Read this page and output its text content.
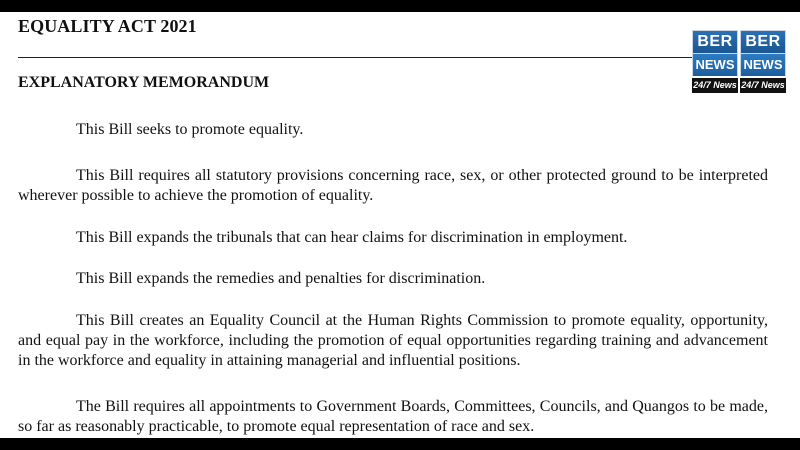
EQUALITY ACT 2021
EXPLANATORY MEMORANDUM

This Bill seeks to promote equality.

This Bill requires all statutory provisions concerning race, sex, or other protected ground to be interpreted wherever possible to achieve the promotion of equality.

This Bill expands the tribunals that can hear claims for discrimination in employment.

This Bill expands the remedies and penalties for discrimination.

This Bill creates an Equality Council at the Human Rights Commission to promote equality, opportunity, and equal pay in the workforce, including the promotion of equal opportunities regarding training and advancement in the workforce and equality in attaining managerial and influential positions.

The Bill requires all appointments to Government Boards, Committees, Councils, and Quangos to be made, so far as reasonably practicable, to promote equal representation of race and sex.

BER
NEWS
24/7 News
BER
NEWS
24/7 News
